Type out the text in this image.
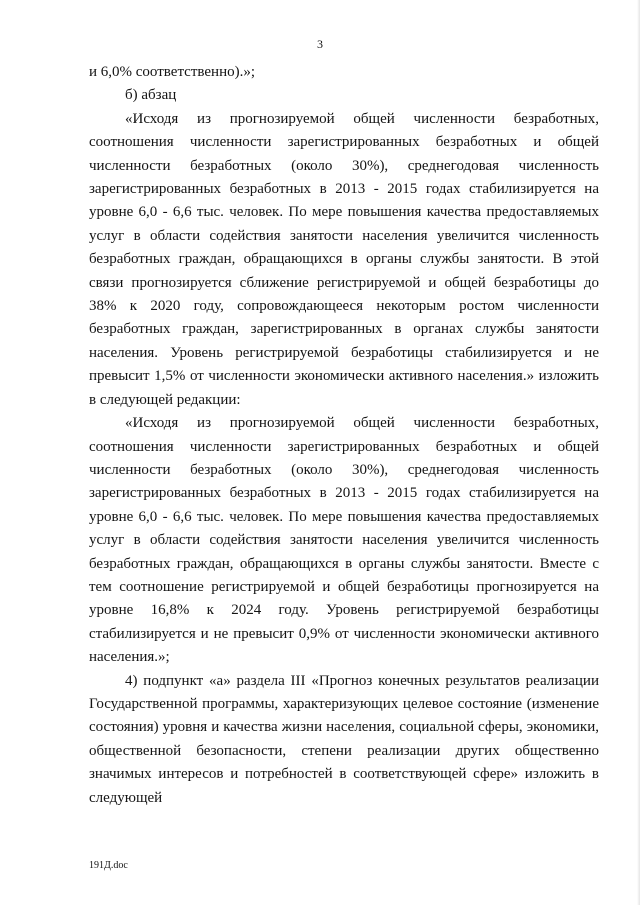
3

и 6,0% соответственно).»;

б) абзац

«Исходя из прогнозируемой общей численности безработных, соотношения численности зарегистрированных безработных и общей численности безработных (около 30%), среднегодовая численность зарегистрированных безработных в 2013 - 2015 годах стабилизируется на уровне 6,0 - 6,6 тыс. человек. По мере повышения качества предоставляемых услуг в области содействия занятости населения увеличится численность безработных граждан, обращающихся в органы службы занятости. В этой связи прогнозируется сближение регистрируемой и общей безработицы до 38% к 2020 году, сопровождающееся некоторым ростом численности безработных граждан, зарегистрированных в органах службы занятости населения. Уровень регистрируемой безработицы стабилизируется и не превысит 1,5% от численности экономически активного населения.» изложить в следующей редакции:

«Исходя из прогнозируемой общей численности безработных, соотношения численности зарегистрированных безработных и общей численности безработных (около 30%), среднегодовая численность зарегистрированных безработных в 2013 - 2015 годах стабилизируется на уровне 6,0 - 6,6 тыс. человек. По мере повышения качества предоставляемых услуг в области содействия занятости населения увеличится численность безработных граждан, обращающихся в органы службы занятости. Вместе с тем соотношение регистрируемой и общей безработицы прогнозируется на уровне 16,8% к 2024 году. Уровень регистрируемой безработицы стабилизируется и не превысит 0,9% от численности экономически активного населения.»;

4) подпункт «а» раздела III «Прогноз конечных результатов реализации Государственной программы, характеризующих целевое состояние (изменение состояния) уровня и качества жизни населения, социальной сферы, экономики, общественной безопасности, степени реализации других общественно значимых интересов и потребностей в соответствующей сфере» изложить в следующей

191Д.doc
